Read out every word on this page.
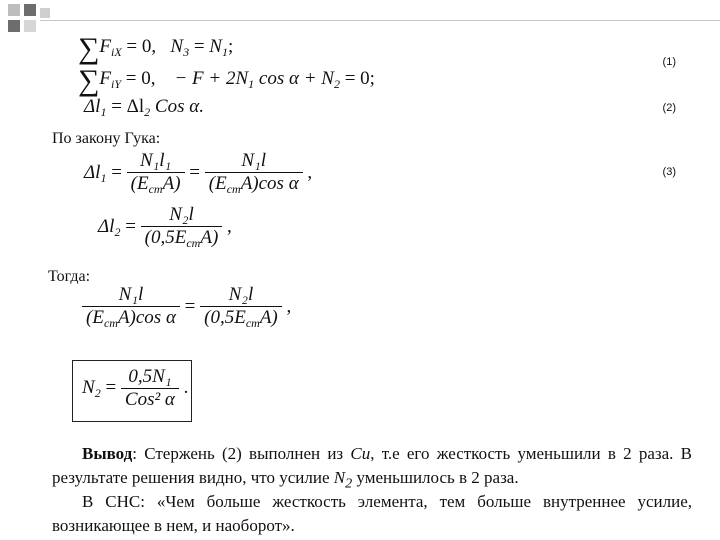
$\sum F_{iX} = 0$, $N_3 = N_1$;
(1)
$\sum F_{iY} = 0$, − $F + 2N_1$ $\cos \alpha + N_2 = 0$;
$\Delta l_1 = \Delta l_2$ Cos α.	(2)
По закону Гука:
$\Delta l_1 = \frac{\text{N₁l₁}}{(E_{ст}A)} = \frac{\text{N₁l}}{(E_{ст}A)\cos \alpha}$ ,	(3)
$\Delta l_2 = \frac{\text{N₂l}}{(0,5E_{ст}A)}$ ,
Тогда:
$\frac{\text{N₁l}}{(E_{ст}A)\cos \alpha} = \frac{\text{N₂l}}{(0,5E_{ст}A)}$ ,
$N_2 = \frac{\text{0,5N₁}}{\text{Cos² α}}$ .
Вывод: Стержень (2) выполнен из Cu, т.е его жесткость уменьшили в 2 раза. В результате решения видно, что усилие $N_2$ уменьшилось в 2 раза.
В СНС: «Чем больше жесткость элемента, тем больше внутреннее усилие, возникающее в нем, и наоборот».
